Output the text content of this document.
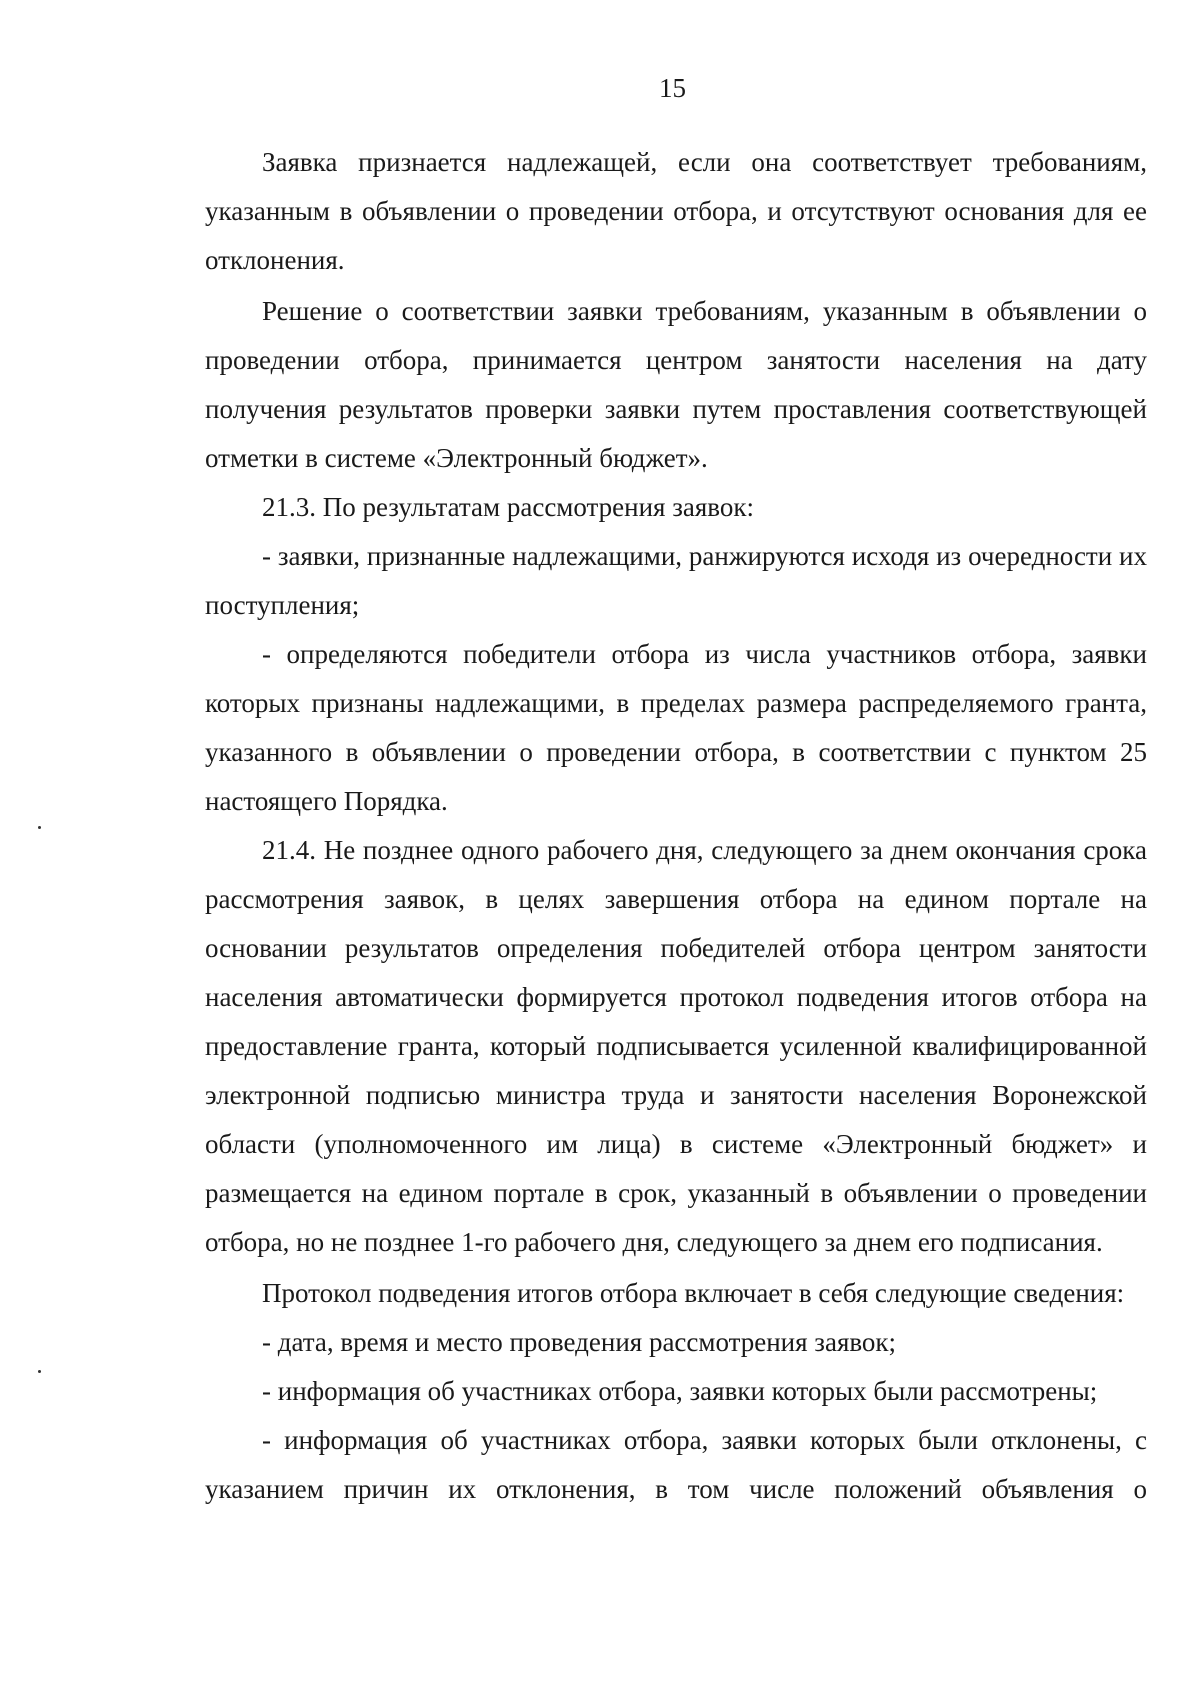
15

Заявка признается надлежащей, если она соответствует требованиям, указанным в объявлении о проведении отбора, и отсутствуют основания для ее отклонения.

Решение о соответствии заявки требованиям, указанным в объявлении о проведении отбора, принимается центром занятости населения на дату получения результатов проверки заявки путем проставления соответствующей отметки в системе «Электронный бюджет».

21.3. По результатам рассмотрения заявок:

- заявки, признанные надлежащими, ранжируются исходя из очередности их поступления;

- определяются победители отбора из числа участников отбора, заявки которых признаны надлежащими, в пределах размера распределяемого гранта, указанного в объявлении о проведении отбора, в соответствии с пунктом 25 настоящего Порядка.

21.4. Не позднее одного рабочего дня, следующего за днем окончания срока рассмотрения заявок, в целях завершения отбора на едином портале на основании результатов определения победителей отбора центром занятости населения автоматически формируется протокол подведения итогов отбора на предоставление гранта, который подписывается усиленной квалифицированной электронной подписью министра труда и занятости населения Воронежской области (уполномоченного им лица) в системе «Электронный бюджет» и размещается на едином портале в срок, указанный в объявлении о проведении отбора, но не позднее 1-го рабочего дня, следующего за днем его подписания.

Протокол подведения итогов отбора включает в себя следующие сведения:

- дата, время и место проведения рассмотрения заявок;

- информация об участниках отбора, заявки которых были рассмотрены;

- информация об участниках отбора, заявки которых были отклонены, с указанием причин их отклонения, в том числе положений объявления о
